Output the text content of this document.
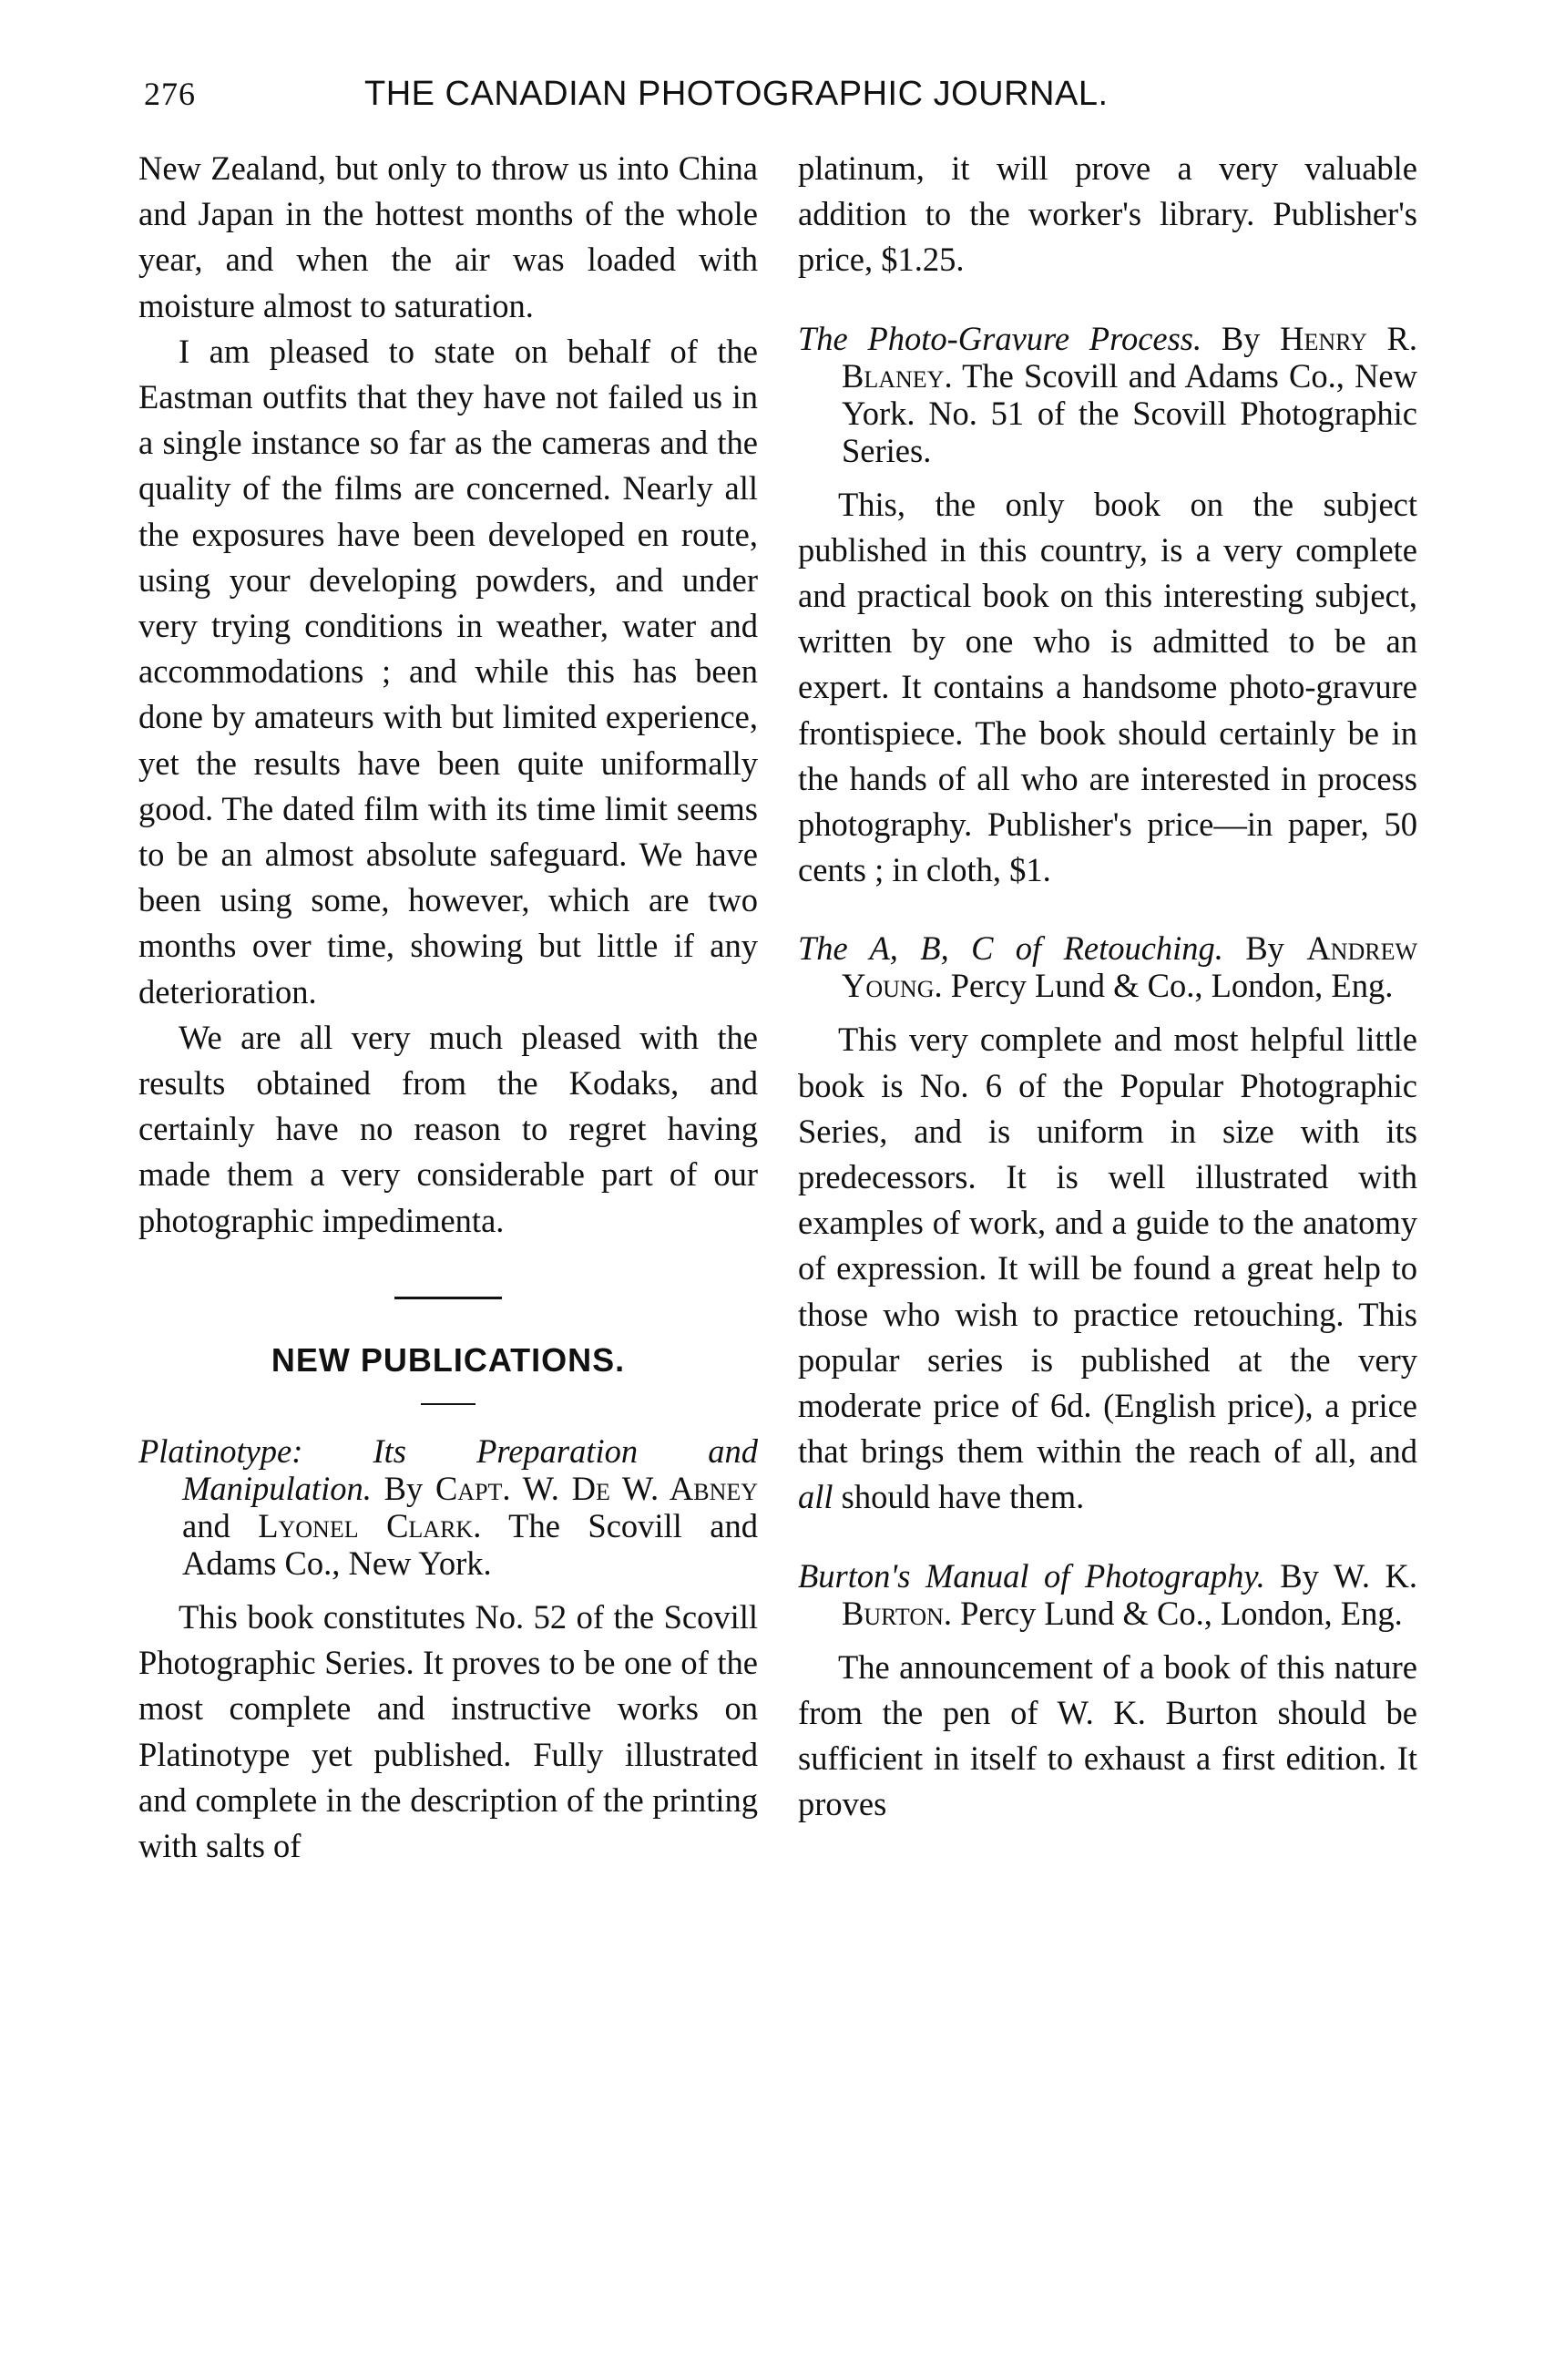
276	THE CANADIAN PHOTOGRAPHIC JOURNAL.

New Zealand, but only to throw us into China and Japan in the hottest months of the whole year, and when the air was loaded with moisture almost to saturation.

I am pleased to state on behalf of the Eastman outfits that they have not failed us in a single instance so far as the cameras and the quality of the films are concerned. Nearly all the exposures have been developed en route, using your developing powders, and under very trying conditions in weather, water and accommodations ; and while this has been done by amateurs with but limited experience, yet the results have been quite uniformally good. The dated film with its time limit seems to be an almost absolute safeguard. We have been using some, however, which are two months over time, showing but little if any deterioration.

We are all very much pleased with the results obtained from the Kodaks, and certainly have no reason to regret having made them a very considerable part of our photographic impedimenta.

NEW PUBLICATIONS.

Platinotype: Its Preparation and Manipulation. By Capt. W. De W. Abney and Lyonel Clark. The Scovill and Adams Co., New York.

This book constitutes No. 52 of the Scovill Photographic Series. It proves to be one of the most complete and instructive works on Platinotype yet published. Fully illustrated and complete in the description of the printing with salts of

platinum, it will prove a very valuable addition to the worker's library. Publisher's price, $1.25.

The Photo-Gravure Process. By Henry R. Blaney. The Scovill and Adams Co., New York. No. 51 of the Scovill Photographic Series.

This, the only book on the subject published in this country, is a very complete and practical book on this interesting subject, written by one who is admitted to be an expert. It contains a handsome photo-gravure frontispiece. The book should certainly be in the hands of all who are interested in process photography. Publisher's price—in paper, 50 cents ; in cloth, $1.

The A, B, C of Retouching. By Andrew Young. Percy Lund & Co., London, Eng.

This very complete and most helpful little book is No. 6 of the Popular Photographic Series, and is uniform in size with its predecessors. It is well illustrated with examples of work, and a guide to the anatomy of expression. It will be found a great help to those who wish to practice retouching. This popular series is published at the very moderate price of 6d. (English price), a price that brings them within the reach of all, and all should have them.

Burton's Manual of Photography. By W. K. Burton. Percy Lund & Co., London, Eng.

The announcement of a book of this nature from the pen of W. K. Burton should be sufficient in itself to exhaust a first edition. It proves
